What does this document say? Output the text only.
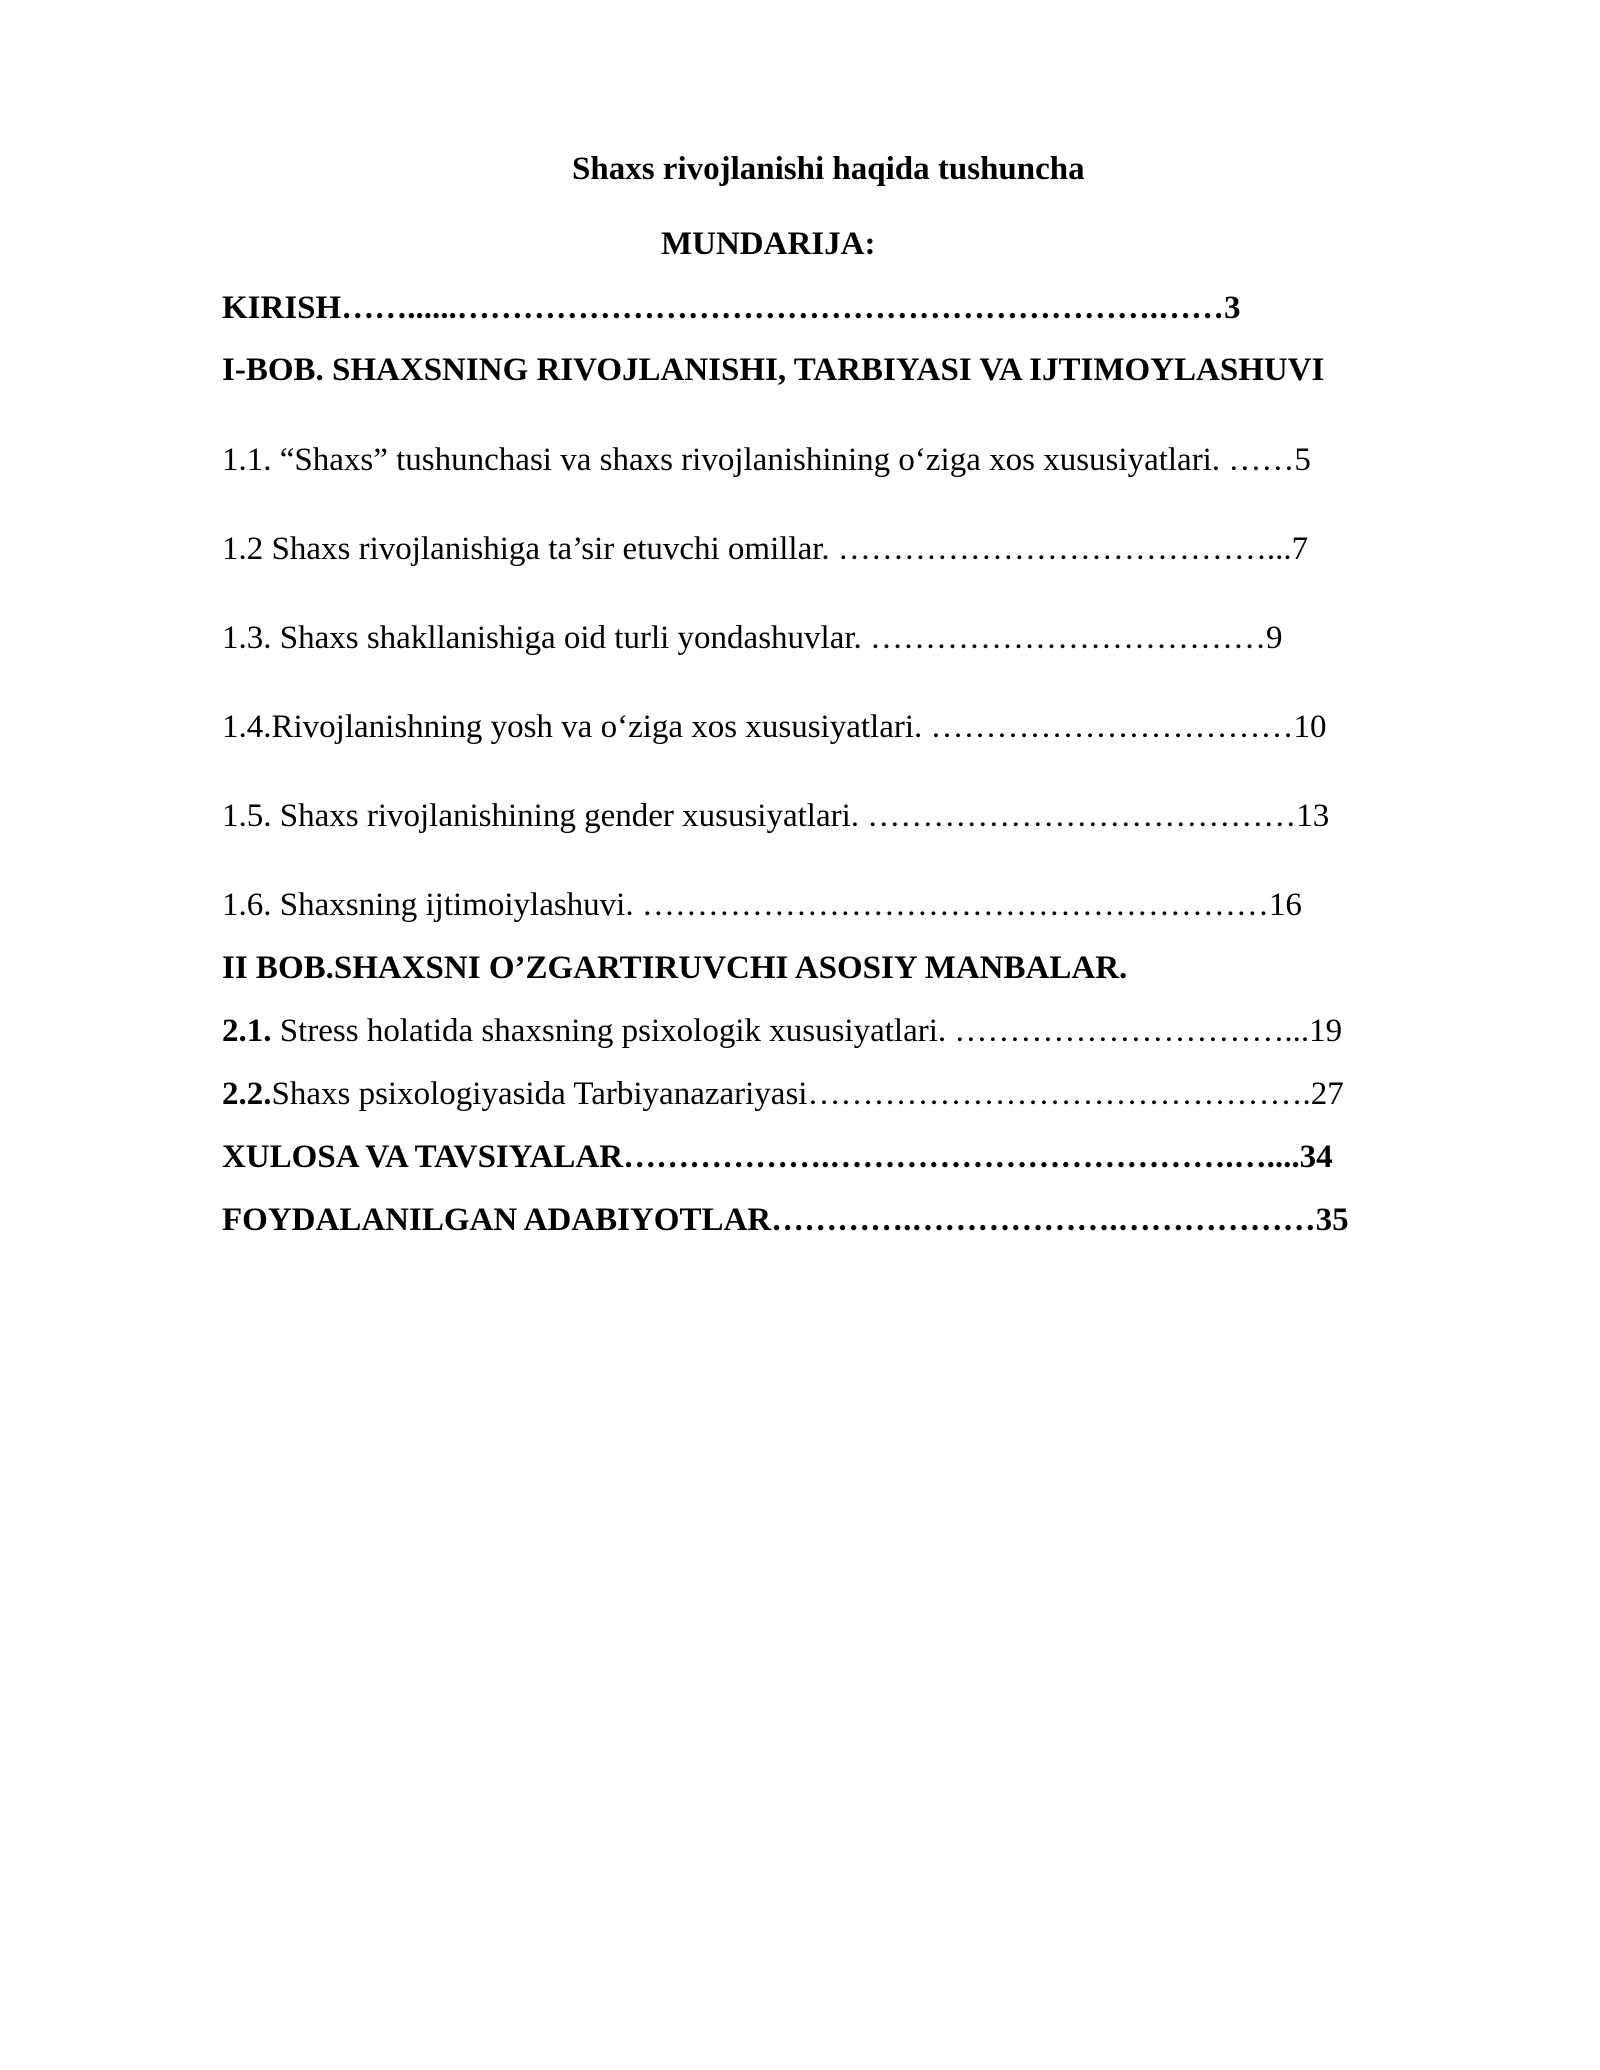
Shaxs rivojlanishi haqida tushuncha
MUNDARIJA:
KIRISH……......……………………………………………………….……3
I-BOB. SHAXSNING RIVOJLANISHI, TARBIYASI VA IJTIMOYLASHUVI
1.1. “Shaxs” tushunchasi va shaxs rivojlanishining o‘ziga xos xususiyatlari. ……5
1.2 Shaxs rivojlanishiga ta’sir etuvchi omillar. …………………………………...7
1.3. Shaxs shakllanishiga oid turli yondashuvlar. ………………………………9
1.4.Rivojlanishning yosh va o‘ziga xos xususiyatlari. ……………………………10
1.5. Shaxs rivojlanishining gender xususiyatlari. …………………………………13
1.6. Shaxsning ijtimoiylashuvi. …………………………………………………16
II BOB.SHAXSNI O’ZGARTIRUVCHI ASOSIY MANBALAR.
2.1. Stress holatida shaxsning psixologik xususiyatlari. …………………………...19
2.2.Shaxs psixologiyasida Tarbiyanazariyasi……………………………………….27
XULOSA VA TAVSIYALAR……………….……………………………….…....34
FOYDALANILGAN ADABIYOTLAR………….……………….………………35
